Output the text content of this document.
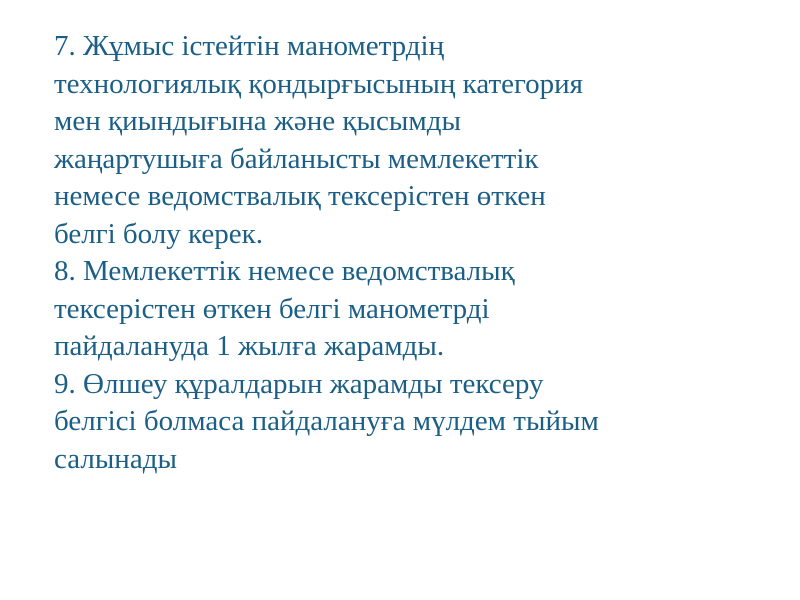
7. Жұмыс істейтін манометрдің
технологиялық қондырғысының категория
мен қиындығына және қысымды
жаңартушыға байланысты мемлекеттік
немесе ведомствалық тексерістен өткен
белгі болу керек.
8. Мемлекеттік немесе ведомствалық
тексерістен өткен белгі манометрді
пайдалануда 1 жылға жарамды.
9. Өлшеу құралдарын жарамды тексеру
белгісі болмаса пайдалануға мүлдем тыйым
салынады
